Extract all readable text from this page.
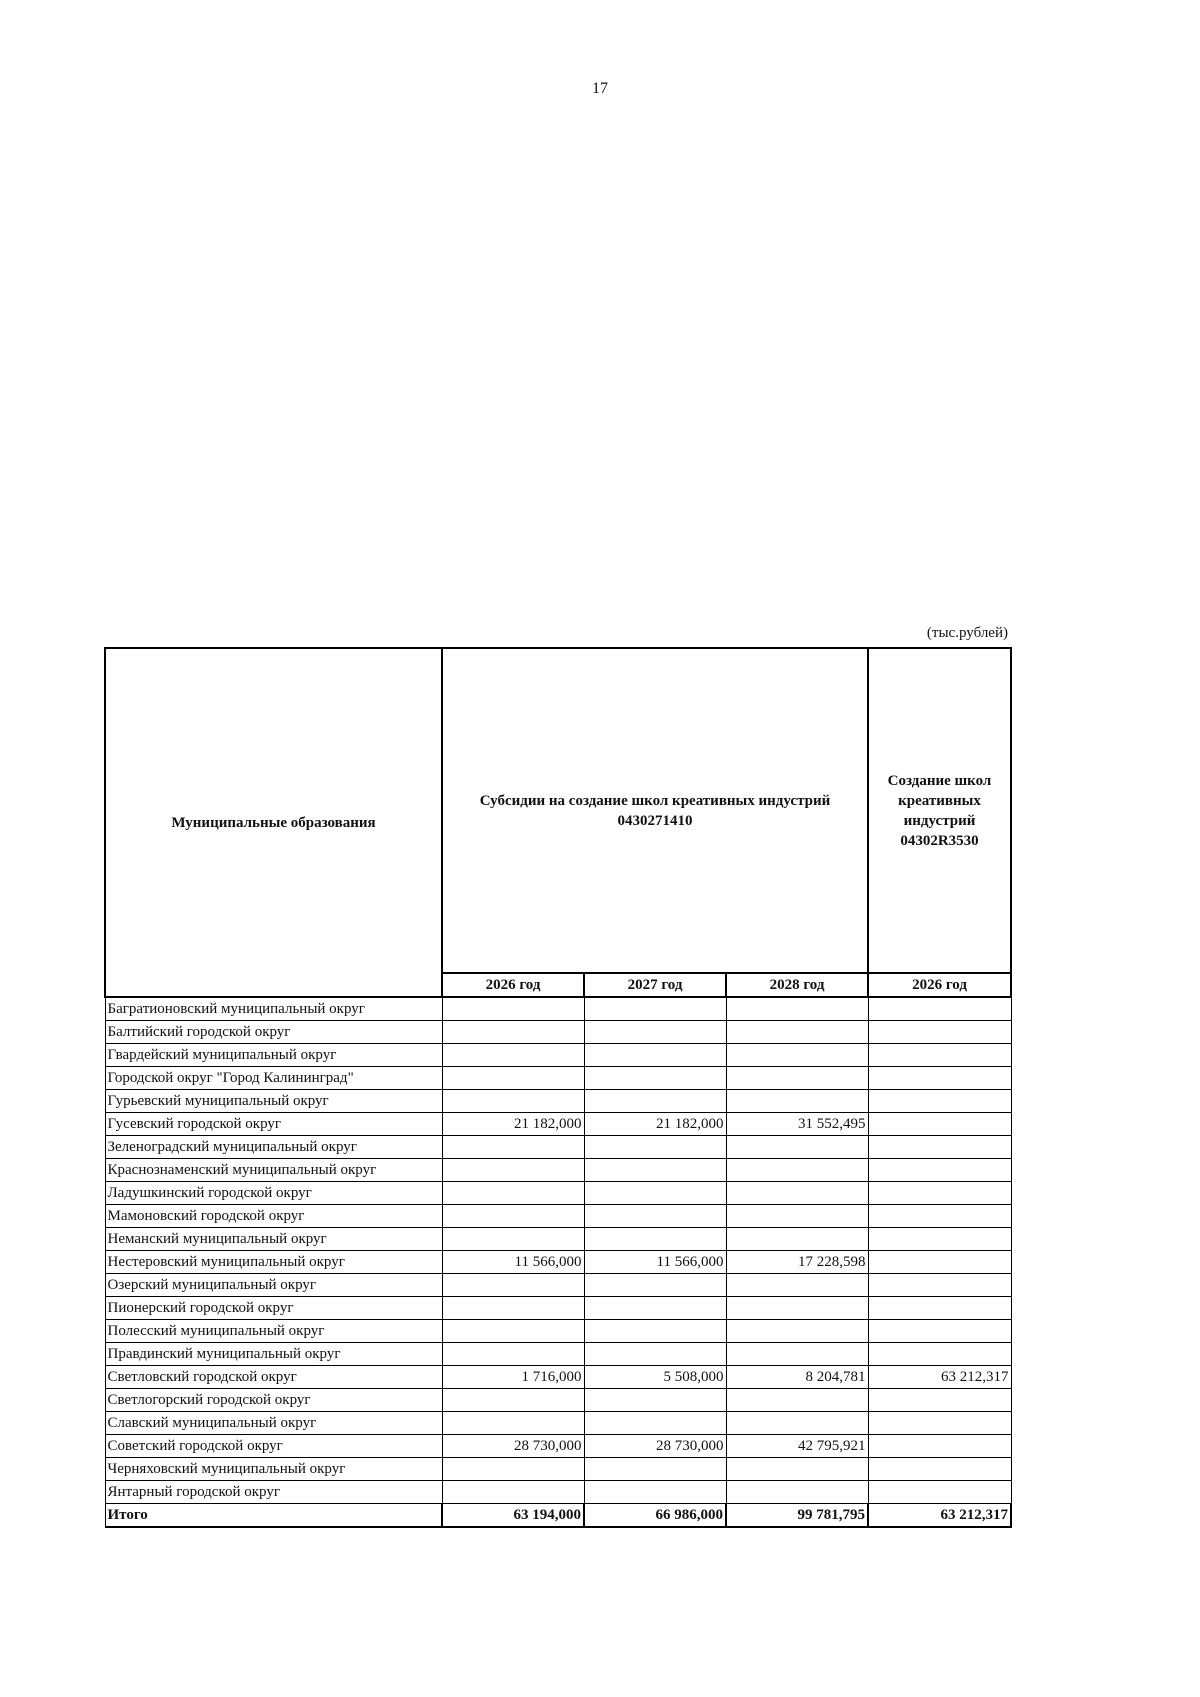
17
(тыс.рублей)
Муниципальные образования	Субсидии на создание школ креативных индустрий
0430271410			Создание школ креативных индустрий
04302R3530

	2026 год	2027 год	2028 год	2026 год
Багратионовский муниципальный округ				
Балтийский городской округ				
Гвардейский муниципальный округ				
Городской округ "Город Калининград"				
Гурьевский муниципальный округ				
Гусевский городской округ	21 182,000	21 182,000	31 552,495	
Зеленоградский муниципальный округ				
Краснознаменский муниципальный округ				
Ладушкинский городской округ				
Мамоновский городской округ				
Неманский муниципальный округ				
Нестеровский муниципальный округ	11 566,000	11 566,000	17 228,598	
Озерский муниципальный округ				
Пионерский городской округ				
Полесский муниципальный округ				
Правдинский муниципальный округ				
Светловский городской округ	1 716,000	5 508,000	8 204,781	63 212,317
Светлогорский городской округ				
Славский муниципальный округ				
Советский городской округ	28 730,000	28 730,000	42 795,921	
Черняховский муниципальный округ				
Янтарный городской округ				
Итого	63 194,000	66 986,000	99 781,795	63 212,317
